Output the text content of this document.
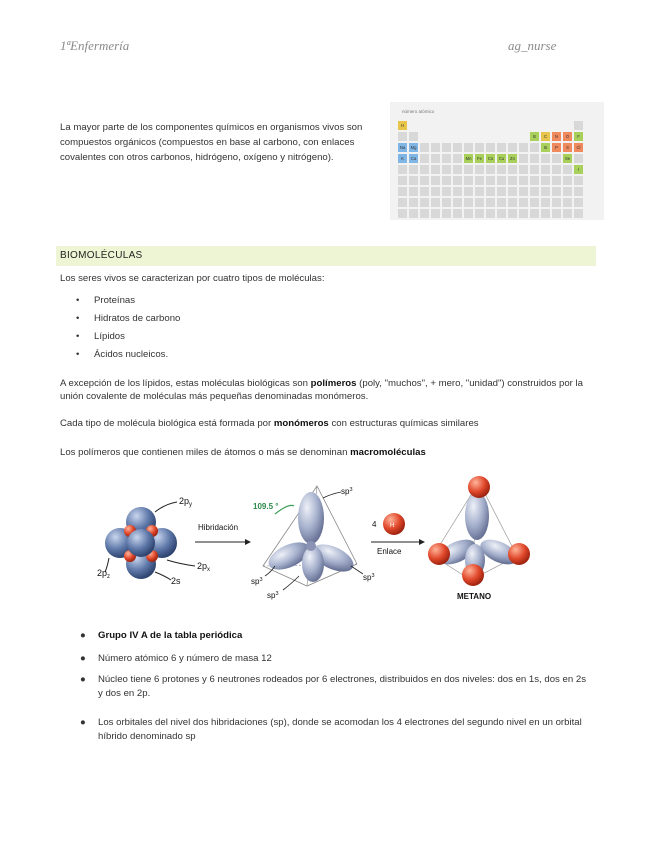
1ªEnfermería	ag_nurse
La mayor parte de los componentes químicos en organismos vivos son compuestos orgánicos (compuestos en base al carbono, con enlaces covalentes con otros carbonos, hidrógeno, oxígeno y nitrógeno).
número atómico
H
B	C	N	O	F
Na	Mg	Si	P	S	Cl
K	Ca	Mn	Fe	Co	Cu	Zn	Se
I
BIOMOLÉCULAS
Los seres vivos se caracterizan por cuatro tipos de moléculas:
• Proteínas
• Hidratos de carbono
• Lípidos
• Ácidos nucleicos.
A excepción de los lípidos, estas moléculas biológicas son polímeros (poly, "muchos", + mero, "unidad") construidos por la unión covalente de moléculas más pequeñas denominadas monómeros.
Cada tipo de molécula biológica está formada por monómeros con estructuras químicas similares
Los polímeros que contienen miles de átomos o más se denominan macromoléculas
$2p_y$
$2p_z$
$2p_x$
2s
Hibridación
109.5 °
$sp^3$
$sp^3$
$sp^3$
$sp^3$
4 H
Enlace
METANO
● Grupo IV A de la tabla periódica
● Número atómico 6 y número de masa 12
● Núcleo tiene 6 protones y 6 neutrones rodeados por 6 electrones, distribuidos en dos niveles: dos en 1s, dos en 2s y dos en 2p.
● Los orbitales del nivel dos hibridaciones (sp), donde se acomodan los 4 electrones del segundo nivel en un orbital híbrido denominado sp
